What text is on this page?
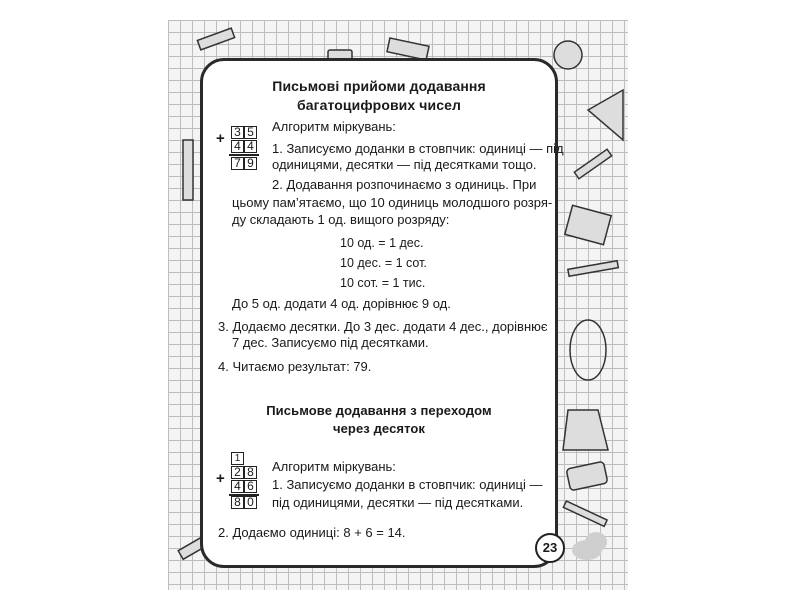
Письмові прийоми додавання
багатоцифрових чисел
+ 3 5
4 4
7 9
Алгоритм міркувань:
1. Записуємо доданки в стовпчик: одиниці — під
одиницями, десятки — під десятками тощо.
2. Додавання розпочинаємо з одиниць. При
цьому пам’ятаємо, що 10 одиниць молодшого розря-
ду складають 1 од. вищого розряду:
10 од. = 1 дес.
10 дес. = 1 сот.
10 сот. = 1 тис.
До 5 од. додати 4 од. дорівнює 9 од.
3. Додаємо десятки. До 3 дес. додати 4 дес., дорівнює
7 дес. Записуємо під десятками.
4. Читаємо результат: 79.
Письмове додавання з переходом
через десяток
1
+ 2 8
4 6
8 0
Алгоритм міркувань:
1. Записуємо доданки в стовпчик: одиниці —
під одиницями, десятки — під десятками.
2. Додаємо одиниці: 8 + 6 = 14.
23
